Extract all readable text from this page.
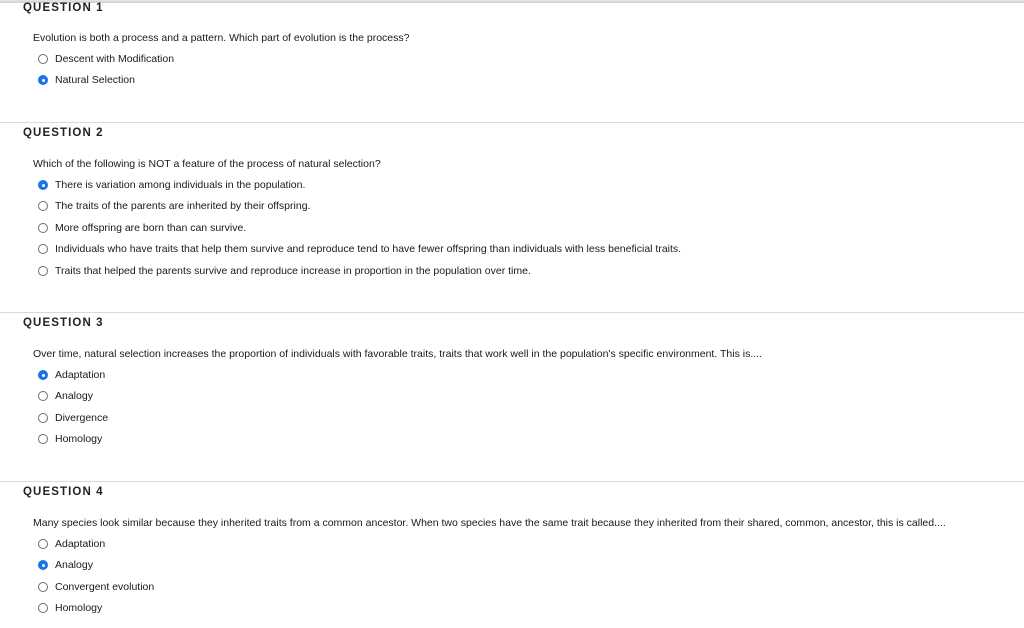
QUESTION 1
Evolution is both a process and a pattern. Which part of evolution is the process?
Descent with Modification
Natural Selection
QUESTION 2
Which of the following is NOT a feature of the process of natural selection?
There is variation among individuals in the population.
The traits of the parents are inherited by their offspring.
More offspring are born than can survive.
Individuals who have traits that help them survive and reproduce tend to have fewer offspring than individuals with less beneficial traits.
Traits that helped the parents survive and reproduce increase in proportion in the population over time.
QUESTION 3
Over time, natural selection increases the proportion of individuals with favorable traits, traits that work well in the population's specific environment. This is....
Adaptation
Analogy
Divergence
Homology
QUESTION 4
Many species look similar because they inherited traits from a common ancestor. When two species have the same trait because they inherited from their shared, common, ancestor, this is called....
Adaptation
Analogy
Convergent evolution
Homology
